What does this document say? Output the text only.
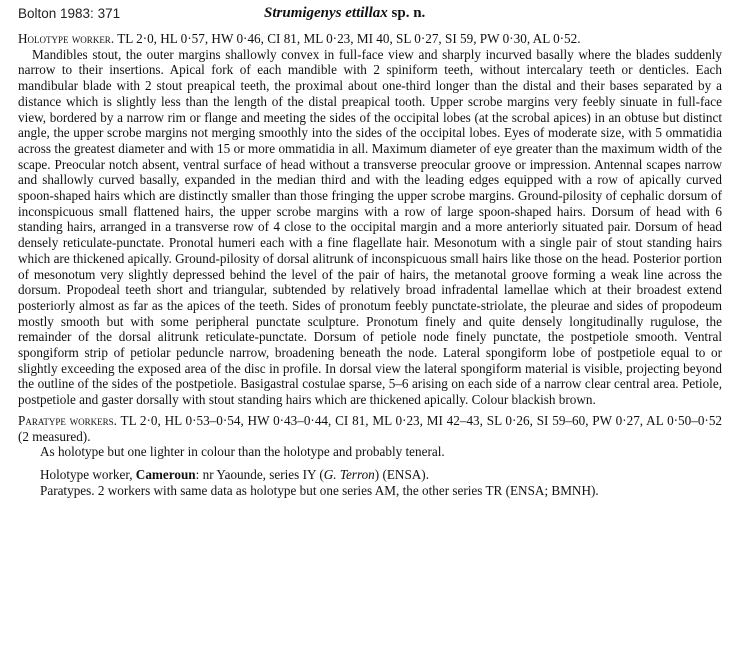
Bolton 1983: 371	Strumigenys ettillax sp. n.

Holotype worker. TL 2·0, HL 0·57, HW 0·46, CI 81, ML 0·23, MI 40, SL 0·27, SI 59, PW 0·30, AL 0·52.
Mandibles stout, the outer margins shallowly convex in full-face view and sharply incurved basally where the blades suddenly narrow to their insertions. Apical fork of each mandible with 2 spiniform teeth, without intercalary teeth or denticles. Each mandibular blade with 2 stout preapical teeth, the proximal about one-third longer than the distal and their bases separated by a distance which is slightly less than the length of the distal preapical tooth. Upper scrobe margins very feebly sinuate in full-face view, bordered by a narrow rim or flange and meeting the sides of the occipital lobes (at the scrobal apices) in an obtuse but distinct angle, the upper scrobe margins not merging smoothly into the sides of the occipital lobes. Eyes of moderate size, with 5 ommatidia across the greatest diameter and with 15 or more ommatidia in all. Maximum diameter of eye greater than the maximum width of the scape. Preocular notch absent, ventral surface of head without a transverse preocular groove or impression. Antennal scapes narrow and shallowly curved basally, expanded in the median third and with the leading edges equipped with a row of apically curved spoon-shaped hairs which are distinctly smaller than those fringing the upper scrobe margins. Ground-pilosity of cephalic dorsum of inconspicuous small flattened hairs, the upper scrobe margins with a row of large spoon-shaped hairs. Dorsum of head with 6 standing hairs, arranged in a transverse row of 4 close to the occipital margin and a more anteriorly situated pair. Dorsum of head densely reticulate-punctate. Pronotal humeri each with a fine flagellate hair. Mesonotum with a single pair of stout standing hairs which are thickened apically. Ground-pilosity of dorsal alitrunk of inconspicuous small hairs like those on the head. Posterior portion of mesonotum very slightly depressed behind the level of the pair of hairs, the metanotal groove forming a weak line across the dorsum. Propodeal teeth short and triangular, subtended by relatively broad infradental lamellae which at their broadest extend posteriorly almost as far as the apices of the teeth. Sides of pronotum feebly punctate-striolate, the pleurae and sides of propodeum mostly smooth but with some peripheral punctate sculpture. Pronotum finely and quite densely longitudinally rugulose, the remainder of the dorsal alitrunk reticulate-punctate. Dorsum of petiole node finely punctate, the postpetiole smooth. Ventral spongiform strip of petiolar peduncle narrow, broadening beneath the node. Lateral spongiform lobe of postpetiole equal to or slightly exceeding the exposed area of the disc in profile. In dorsal view the lateral spongiform material is visible, projecting beyond the outline of the sides of the postpetiole. Basigastral costulae sparse, 5–6 arising on each side of a narrow clear central area. Petiole, postpetiole and gaster dorsally with stout standing hairs which are thickened apically. Colour blackish brown.

Paratype workers. TL 2·0, HL 0·53–0·54, HW 0·43–0·44, CI 81, ML 0·23, MI 42–43, SL 0·26, SI 59–60, PW 0·27, AL 0·50–0·52 (2 measured).

As holotype but one lighter in colour than the holotype and probably teneral.

Holotype worker, Cameroun: nr Yaounde, series IY (G. Terron) (ENSA).

Paratypes. 2 workers with same data as holotype but one series AM, the other series TR (ENSA; BMNH).
